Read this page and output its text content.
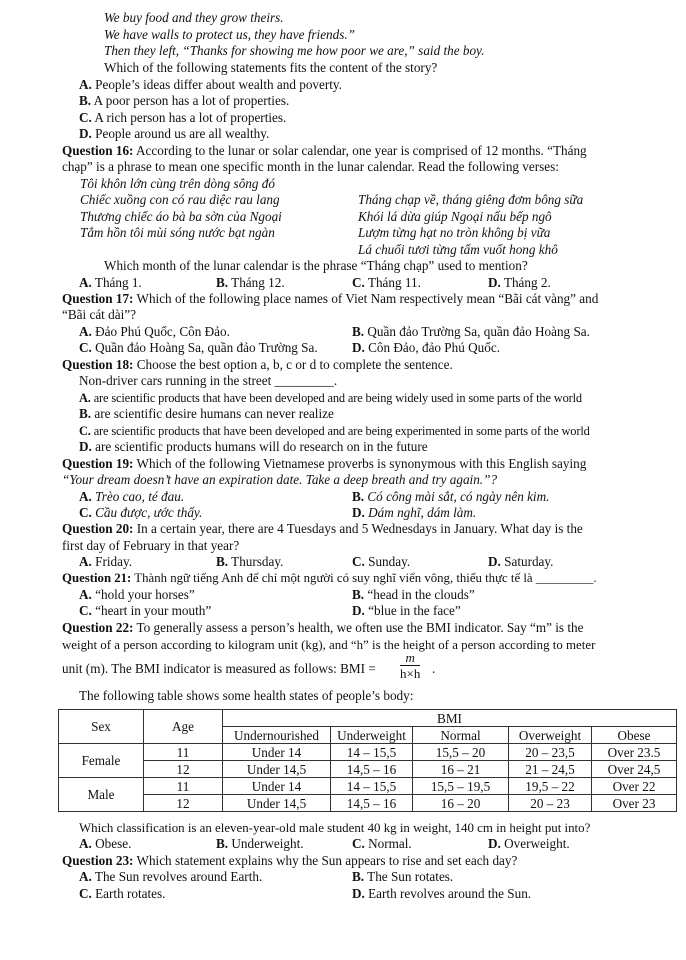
We buy food and they grow theirs.
We have walls to protect us, they have friends.”
Then they left, “Thanks for showing me how poor we are,” said the boy.
Which of the following statements fits the content of the story?
A. People’s ideas differ about wealth and poverty.
B. A poor person has a lot of properties.
C. A rich person has a lot of properties.
D. People around us are all wealthy.
Question 16: According to the lunar or solar calendar, one year is comprised of 12 months. “Tháng
chạp” is a phrase to mean one specific month in the lunar calendar. Read the following verses:
Tôi khôn lớn cùng trên dòng sông đó
Chiếc xuồng con có rau diệc rau lang
Thương chiếc áo bà ba sờn của Ngoại
Tắm hồn tôi mùi sóng nước bạt ngàn
Tháng chạp về, tháng giêng đơm bông sữa
Khói lá dừa giúp Ngoại nấu bếp ngô
Lượm từng hạt no tròn không bị vữa
Lá chuối tươi từng tấm vuốt hong khô
Which month of the lunar calendar is the phrase “Tháng chạp” used to mention?
A. Tháng 1.	B. Tháng 12.	C. Tháng 11.	D. Tháng 2.
Question 17: Which of the following place names of Viet Nam respectively mean “Bãi cát vàng” and
“Bãi cát dài”?
A. Đảo Phú Quốc, Côn Đảo.	B. Quần đảo Trường Sa, quần đảo Hoàng Sa.
C. Quần đảo Hoàng Sa, quần đảo Trường Sa.	D. Côn Đảo, đảo Phú Quốc.
Question 18: Choose the best option a, b, c or d to complete the sentence.
Non-driver cars running in the street _________.
A. are scientific products that have been developed and are being widely used in some parts of the world
B. are scientific desire humans can never realize
C. are scientific products that have been developed and are being experimented in some parts of the world
D. are scientific products humans will do research on in the future
Question 19: Which of the following Vietnamese proverbs is synonymous with this English saying
“Your dream doesn’t have an expiration date. Take a deep breath and try again.”?
A. Trèo cao, té đau.	B. Có công mài sắt, có ngày nên kim.
C. Cầu được, ước thấy.	D. Dám nghĩ, dám làm.
Question 20: In a certain year, there are 4 Tuesdays and 5 Wednesdays in January. What day is the
first day of February in that year?
A. Friday.	B. Thursday.	C. Sunday.	D. Saturday.
Question 21: Thành ngữ tiếng Anh để chỉ một người có suy nghĩ viển vông, thiếu thực tế là _________.
A. “hold your horses”	B. “head in the clouds”
C. “heart in your mouth”	D. “blue in the face”
Question 22: To generally assess a person’s health, we often use the BMI indicator. Say “m” is the
weight of a person according to kilogram unit (kg), and “h” is the height of a person according to meter
unit (m). The BMI indicator is measured as follows: BMI = $\frac{m}{h\times h}$ .
The following table shows some health states of people’s body:
Sex	Age	BMI				
		Undernourished	Underweight	Normal	Overweight	Obese
Female	11	Under 14	14 – 15,5	15,5 – 20	20 – 23,5	Over 23.5
	12	Under 14,5	14,5 – 16	16 – 21	21 – 24,5	Over 24,5
Male	11	Under 14	14 – 15,5	15,5 – 19,5	19,5 – 22	Over 22
	12	Under 14,5	14,5 – 16	16 – 20	20 – 23	Over 23
Which classification is an eleven-year-old male student 40 kg in weight, 140 cm in height put into?
A. Obese.	B. Underweight.	C. Normal.	D. Overweight.
Question 23: Which statement explains why the Sun appears to rise and set each day?
A. The Sun revolves around Earth.	B. The Sun rotates.
C. Earth rotates.	D. Earth revolves around the Sun.
